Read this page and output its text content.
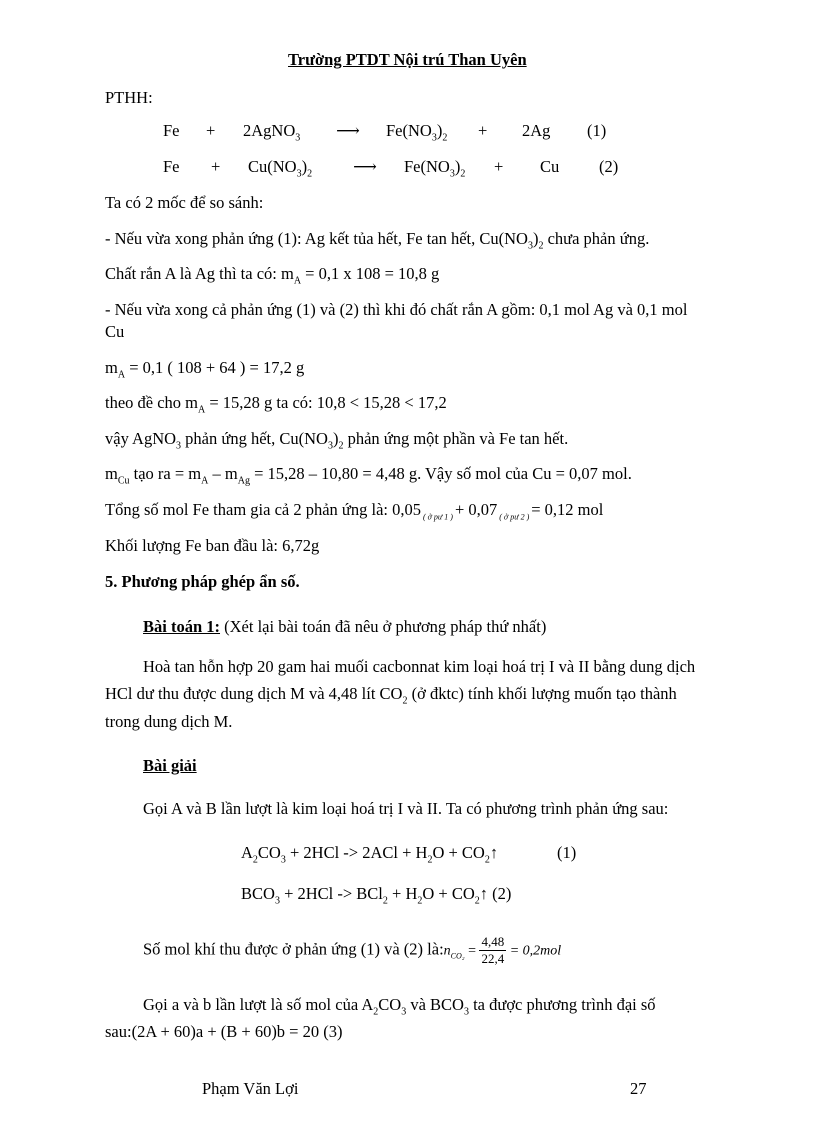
Trường PTDT Nội trú Than Uyên
PTHH:
Fe + 2AgNO$_3$	⟶	$Fe(NO_3)_2 + 2Ag$ (1)
$Fe + Cu(NO_3)_2$	⟶	$Fe(NO_3)_2 + Cu$ (2)
Ta có 2 mốc để so sánh:
- Nếu vừa xong phản ứng (1): Ag kết tủa hết, Fe tan hết, $Cu(NO_3)_2$ chưa phản ứng.
Chất rắn A là Ag thì ta có: $m_A = 0,1$ x 108 = 10,8 g
- Nếu vừa xong cả phản ứng (1) và (2) thì khi đó chất rắn A gồm: 0,1 mol Ag và 0,1 mol
Cu
$m_A = 0,1$ ( 108 + 64 ) = 17,2 g
theo đề cho $m_A = 15,28$ g ta có: 10,8 < 15,28 < 17,2
vậy AgNO$_3$ phản ứng hết, $Cu(NO_3)_2$ phản ứng một phần và Fe tan hết.
$m_{Cu}$ tạo ra = $m_A - m_{Ag} = 15,28 - 10,80 = 4,48$ g. Vậy số mol của Cu = 0,07 mol.
Tổng số mol Fe tham gia cả 2 phản ứng là: 0,05 $_{( ở pư 1 )}$ + 0,07 $_{( ở pư 2 )}$ = 0,12 mol
Khối lượng Fe ban đầu là: 6,72g
5. Phương pháp ghép ẩn số.
Bài toán 1: (Xét lại bài toán đã nêu ở phương pháp thứ nhất)
Hoà tan hỗn hợp 20 gam hai muối cacbonnat kim loại hoá trị I và II bằng dung dịch
HCl dư thu được dung dịch M và 4,48 lít $CO_2$ (ở đktc) tính khối lượng muốn tạo thành
trong dung dịch M.
Bài giải
Gọi A và B lần lượt là kim loại hoá trị I và II. Ta có phương trình phản ứng sau:
$A_2CO_3 + 2HCl -> 2ACl + H_2O$ + $CO_2↑$	(1)
$BCO_3 + 2HCl -> BCl_2 + H_2O$ + $CO_2↑$ (2)
Số mol khí thu được ở phản ứng (1) và (2) $là:n_{CO_2} = \frac{4,48}{22,4} = 0,2mol$
Gọi a và b lần lượt là số mol của $A_2CO_3$ và $BCO_3$ ta được phương trình đại số
sau:(2A + 60)a + (B + 60)b = 20 (3)
Phạm Văn Lợi	27
